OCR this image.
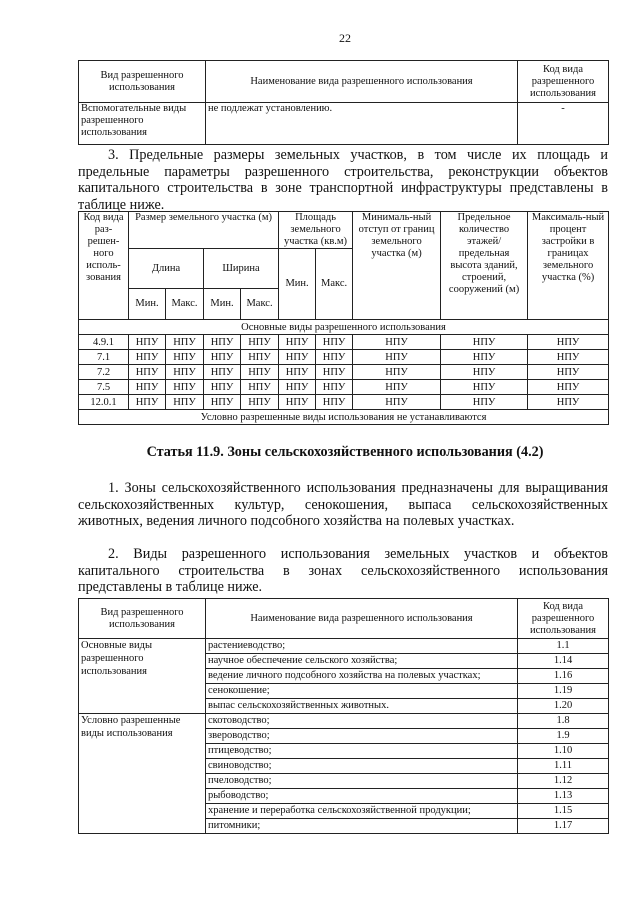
22
Вид разрешенного использования	Наименование вида разрешенного использования	Код вида разрешенного использования
Вспомогательные виды разрешенного использования	не подлежат установлению.	-
3. Предельные размеры земельных участков, в том числе их площадь и предельные параметры разрешенного строительства, реконструкции объектов капитального строительства в зоне транспортной инфраструктуры представлены в таблице ниже.
Код вида раз-решен-ного исполь-зования	Размер земельного участка (м)				Площадь земельного участка (кв.м)		Минималь-ный отступ от границ земельного участка (м)	Предельное количество этажей/ предельная высота зданий, строений, сооружений (м)	Максималь-ный процент застройки в границах земельного участка (%)
	Длина		Ширина		Мин.	Макс.			
	Мин.	Макс.	Мин.	Макс.					
Основные виды разрешенного использования									
4.9.1	НПУ	НПУ	НПУ	НПУ	НПУ	НПУ	НПУ	НПУ	НПУ
7.1	НПУ	НПУ	НПУ	НПУ	НПУ	НПУ	НПУ	НПУ	НПУ
7.2	НПУ	НПУ	НПУ	НПУ	НПУ	НПУ	НПУ	НПУ	НПУ
7.5	НПУ	НПУ	НПУ	НПУ	НПУ	НПУ	НПУ	НПУ	НПУ
12.0.1	НПУ	НПУ	НПУ	НПУ	НПУ	НПУ	НПУ	НПУ	НПУ
Условно разрешенные виды использования не устанавливаются									
Статья 11.9. Зоны сельскохозяйственного использования (4.2)
1. Зоны сельскохозяйственного использования предназначены для выращивания сельскохозяйственных культур, сенокошения, выпаса сельскохозяйственных животных, ведения личного подсобного хозяйства на полевых участках.
2. Виды разрешенного использования земельных участков и объектов капитального строительства в зонах сельскохозяйственного использования представлены в таблице ниже.
Вид разрешенного использования	Наименование вида разрешенного использования	Код вида разрешенного использования
Основные виды разрешенного использования	растениеводство;	1.1
	научное обеспечение сельского хозяйства;	1.14
	ведение личного подсобного хозяйства на полевых участках;	1.16
	сенокошение;	1.19
	выпас сельскохозяйственных животных.	1.20
Условно разрешенные виды использования	скотоводство;	1.8
	звероводство;	1.9
	птицеводство;	1.10
	свиноводство;	1.11
	пчеловодство;	1.12
	рыбоводство;	1.13
	хранение и переработка сельскохозяйственной продукции;	1.15
	питомники;	1.17
